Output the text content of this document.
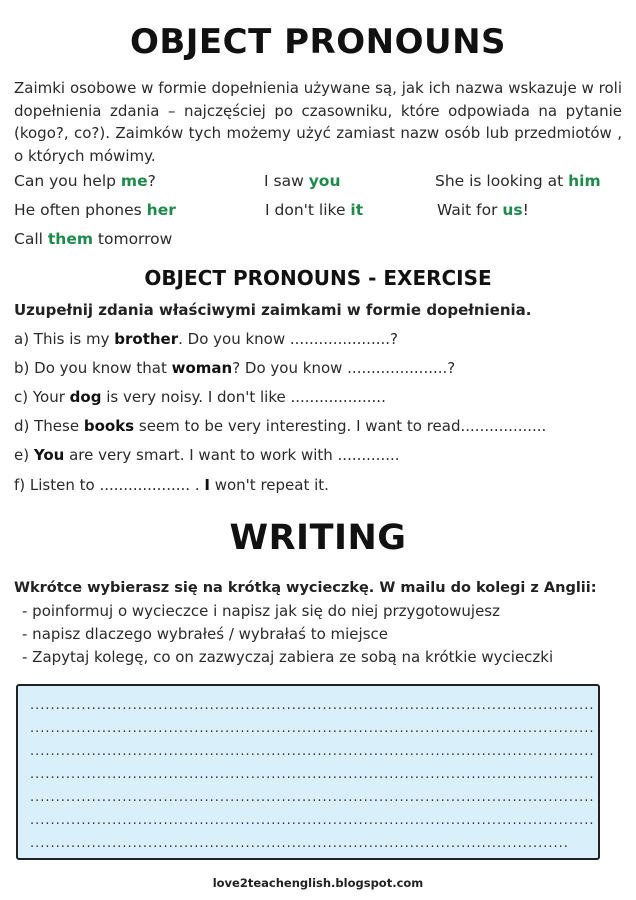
OBJECT PRONOUNS
Zaimki osobowe w formie dopełnienia używane są, jak ich nazwa wskazuje w roli dopełnienia zdania – najczęściej po czasowniku, które odpowiada na pytanie (kogo?, co?). Zaimków tych możemy użyć zamiast nazw osób lub przedmiotów , o których mówimy.
Can you help me?	I saw you	She is looking at him
He often phones her	I don't like it	Wait for us!
Call them tomorrow
OBJECT PRONOUNS - EXERCISE
Uzupełnij zdania właściwymi zaimkami w formie dopełnienia.
a) This is my brother. Do you know .....................?
b) Do you know that woman? Do you know .....................?
c) Your dog is very noisy. I don't like ....................
d) These books seem to be very interesting. I want to read..................
e) You are very smart. I want to work with .............
f) Listen to ................... . I won't repeat it.
WRITING
Wkrótce wybierasz się na krótką wycieczkę. W mailu do kolegi z Anglii:
- poinformuj o wycieczce i napisz jak się do niej przygotowujesz
- napisz dlaczego wybrałeś / wybrałaś to miejsce
- Zapytaj kolegę, co on zazwyczaj zabiera ze sobą na krótkie wycieczki
..............................................................................................................
..............................................................................................................
..............................................................................................................
..............................................................................................................
..............................................................................................................
..............................................................................................................
.........................................................................................................
love2teachenglish.blogspot.com
